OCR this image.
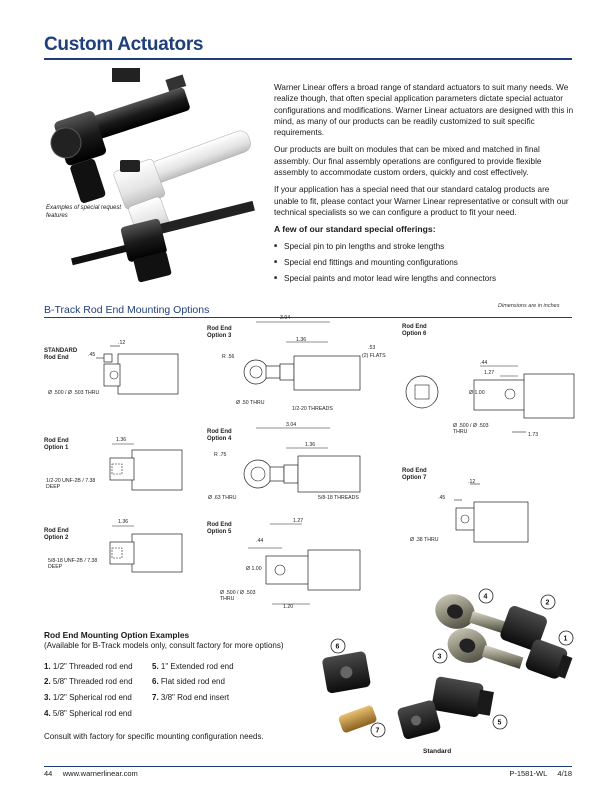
Custom Actuators
Examples of special request features

Warner Linear offers a broad range of standard actuators to suit many needs. We realize though, that often special application parameters dictate special actuator configurations and modifications. Warner Linear actuators are designed with this in mind, as many of our products can be readily customized to suit specific requirements.

Our products are built on modules that can be mixed and matched in final assembly. Our final assembly operations are configured to provide flexible assembly to accommodate custom orders, quickly and cost effectively.

If your application has a special need that our standard catalog products are unable to fit, please contact your Warner Linear representative or consult with our technical specialists so we can configure a product to fit your need.

A few of our standard special offerings:
■ Special pin to pin lengths and stroke lengths
■ Special end fittings and mounting configurations
■ Special paints and motor lead wire lengths and connectors
B-Track Rod End Mounting Options	Dimensions are in inches
STANDARD Rod End
.12
.45
Ø .500 / Ø .503 THRU
Rod End Option 1
1.36
1/2-20 UNF-2B / 7.38 DEEP
Rod End Option 2
1.36
5/8-18 UNF-2B / 7.38 DEEP
Rod End Option 3
3.04
1.36
R .56
Ø .50 THRU
1/2-20 THREADS
Rod End Option 4
3.04
1.36
R .75
Ø .63 THRU	5/8-18 THREADS
Rod End Option 5
1.27
.44
Ø 1.00
Ø .500 / Ø .503 THRU
1.20
Rod End Option 6
.53
(2) FLATS
.44
1.27
Ø 1.00
Ø .500 / Ø .503 THRU	1.73
Rod End Option 7
.12
.45
Ø .38 THRU
Rod End Mounting Option Examples
(Available for B-Track models only, consult factory for more options)
1. 1/2" Threaded rod end
2. 5/8" Threaded rod end
3. 1/2" Spherical rod end
4. 5/8" Spherical rod end
5. 1" Extended rod end
6. Flat sided rod end
7. 3/8" Rod end insert
Consult with factory for specific mounting configuration needs.
1
2
3
4
5
6
7
Standard
44     www.warnerlinear.com	P-1581-WL     4/18
